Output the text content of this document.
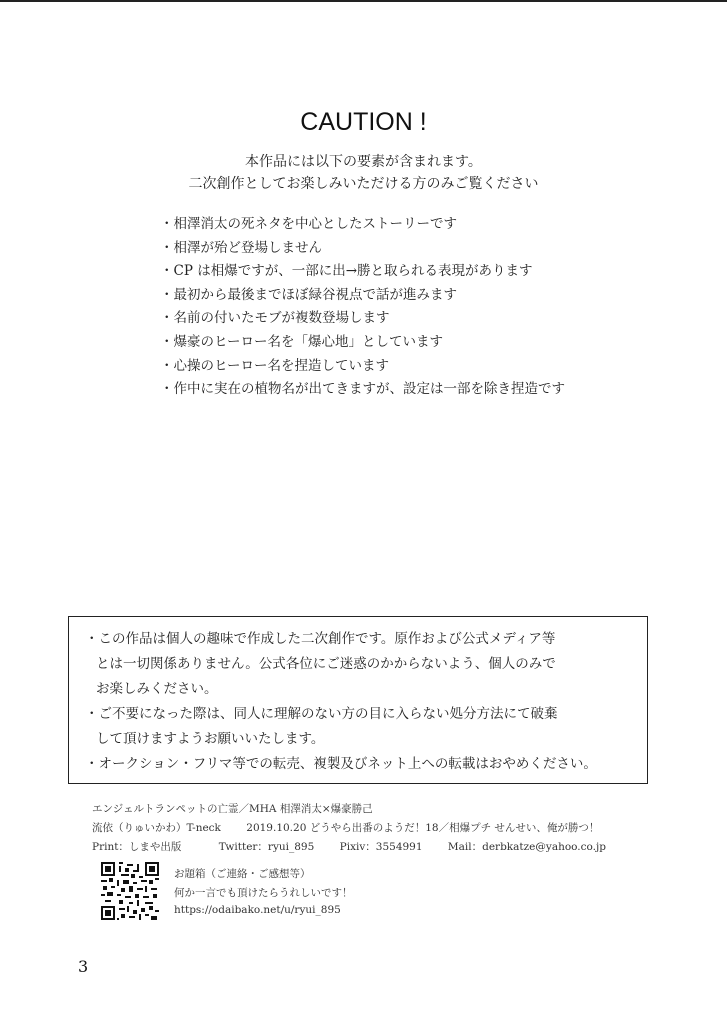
CAUTION !
本作品には以下の要素が含まれます。
二次創作としてお楽しみいただける方のみご覧ください
・相澤消太の死ネタを中心としたストーリーです
・相澤が殆ど登場しません
・CP は相爆ですが、一部に出→勝と取られる表現があります
・最初から最後までほぼ緑谷視点で話が進みます
・名前の付いたモブが複数登場します
・爆豪のヒーロー名を「爆心地」としています
・心操のヒーロー名を捏造しています
・作中に実在の植物名が出てきますが、設定は一部を除き捏造です
・この作品は個人の趣味で作成した二次創作です。原作および公式メディア等
とは一切関係ありません。公式各位にご迷惑のかからないよう、個人のみで
お楽しみください。
・ご不要になった際は、同人に理解のない方の目に入らない処分方法にて破棄
して頂けますようお願いいたします。
・オークション・フリマ等での転売、複製及びネット上への転載はおやめください。
エンジェルトランペットの亡霊／MHA 相澤消太×爆豪勝己
流依（りゅいかわ）T-neck 2019.10.20 どうやら出番のようだ！18／相爆プチ せんせい、俺が勝つ！
Print：しまや出版	Twitter：ryui_895 Pixiv：3554991 Mail：derbkatze@yahoo.co.jp
お題箱（ご連絡・ご感想等）
何か一言でも頂けたらうれしいです！
https://odaibako.net/u/ryui_895
3
